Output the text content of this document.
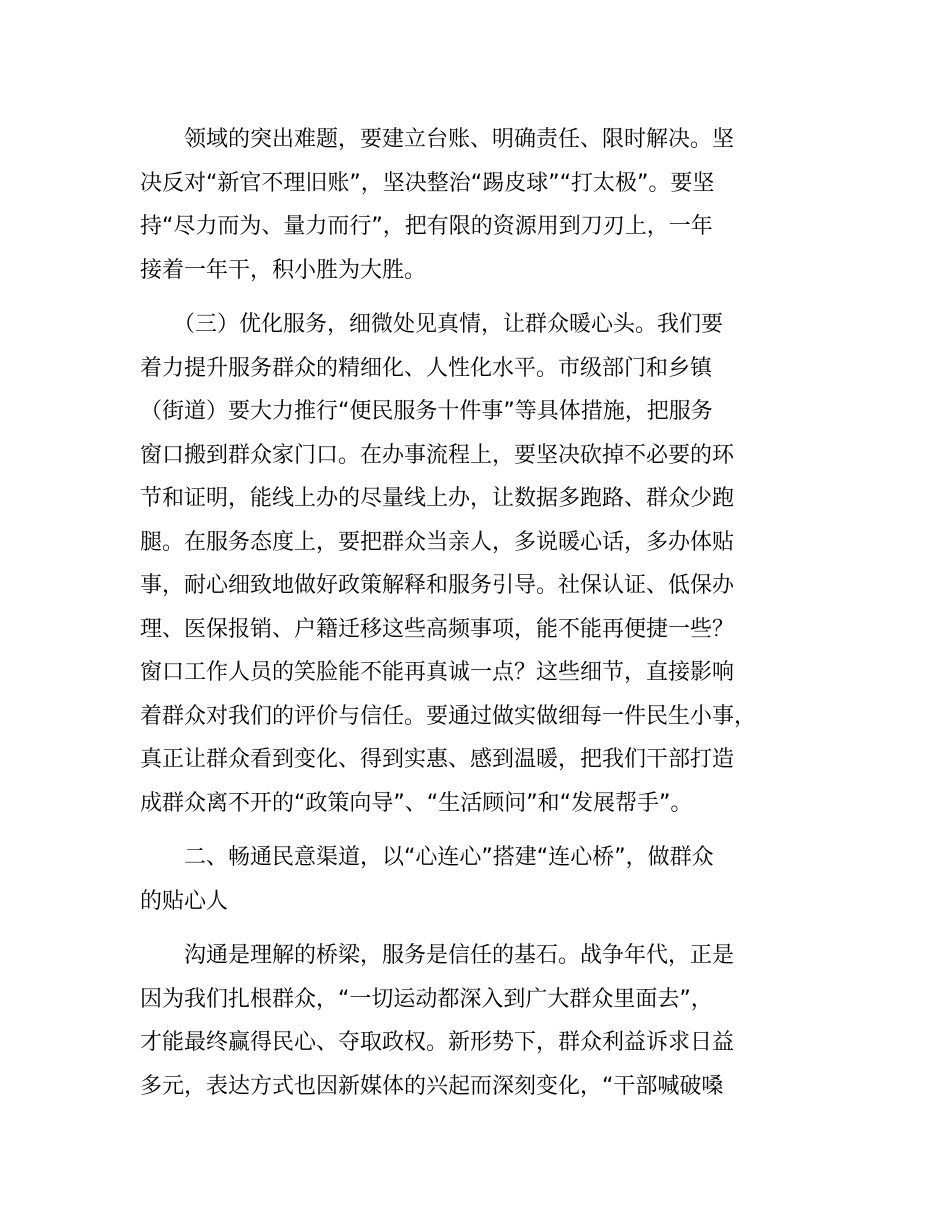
　　领域的突出难题，要建立台账、明确责任、限时解决。坚
决反对“新官不理旧账”，坚决整治“踢皮球”“打太极”。要坚
持“尽力而为、量力而行”，把有限的资源用到刀刃上，一年
接着一年干，积小胜为大胜。
　　（三）优化服务，细微处见真情，让群众暖心头。我们要
着力提升服务群众的精细化、人性化水平。市级部门和乡镇
（街道）要大力推行“便民服务十件事”等具体措施，把服务
窗口搬到群众家门口。在办事流程上，要坚决砍掉不必要的环
节和证明，能线上办的尽量线上办，让数据多跑路、群众少跑
腿。在服务态度上，要把群众当亲人，多说暖心话，多办体贴
事，耐心细致地做好政策解释和服务引导。社保认证、低保办
理、医保报销、户籍迁移这些高频事项，能不能再便捷一些？
窗口工作人员的笑脸能不能再真诚一点？这些细节，直接影响
着群众对我们的评价与信任。要通过做实做细每一件民生小事，
真正让群众看到变化、得到实惠、感到温暖，把我们干部打造
成群众离不开的“政策向导”、“生活顾问”和“发展帮手”。
　　二、畅通民意渠道，以“心连心”搭建“连心桥”，做群众
的贴心人
　　沟通是理解的桥梁，服务是信任的基石。战争年代，正是
因为我们扎根群众，“一切运动都深入到广大群众里面去”，
才能最终赢得民心、夺取政权。新形势下，群众利益诉求日益
多元，表达方式也因新媒体的兴起而深刻变化，“干部喊破嗓
